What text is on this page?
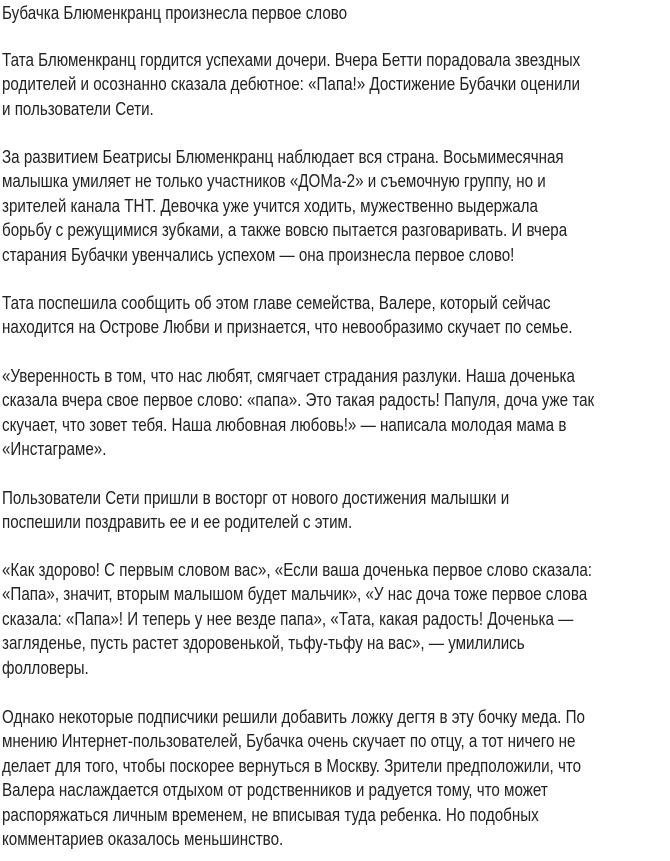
Бубачка Блюменкранц произнесла первое слово

Тата Блюменкранц гордится успехами дочери. Вчера Бетти порадовала звездных
родителей и осознанно сказала дебютное: «Папа!» Достижение Бубачки оценили
и пользователи Сети.

За развитием Беатрисы Блюменкранц наблюдает вся страна. Восьмимесячная
малышка умиляет не только участников «ДОМа-2» и съемочную группу, но и
зрителей канала ТНТ. Девочка уже учится ходить, мужественно выдержала
борьбу с режущимися зубками, а также вовсю пытается разговаривать. И вчера
старания Бубачки увенчались успехом — она произнесла первое слово!

Тата поспешила сообщить об этом главе семейства, Валере, который сейчас
находится на Острове Любви и признается, что невообразимо скучает по семье.

«Уверенность в том, что нас любят, смягчает страдания разлуки. Наша доченька
сказала вчера свое первое слово: «папа». Это такая радость! Папуля, доча уже так
скучает, что зовет тебя. Наша любовная любовь!» — написала молодая мама в
«Инстаграме».

Пользователи Сети пришли в восторг от нового достижения малышки и
поспешили поздравить ее и ее родителей с этим.

«Как здорово! С первым словом вас», «Если ваша доченька первое слово сказала:
«Папа», значит, вторым малышом будет мальчик», «У нас доча тоже первое слова
сказала: «Папа»! И теперь у нее везде папа», «Тата, какая радость! Доченька —
загляденье, пусть растет здоровенькой, тьфу-тьфу на вас», — умилились
фолловеры.

Однако некоторые подписчики решили добавить ложку дегтя в эту бочку меда. По
мнению Интернет-пользователей, Бубачка очень скучает по отцу, а тот ничего не
делает для того, чтобы поскорее вернуться в Москву. Зрители предположили, что
Валера наслаждается отдыхом от родственников и радуется тому, что может
распоряжаться личным временем, не вписывая туда ребенка. Но подобных
комментариев оказалось меньшинство.
